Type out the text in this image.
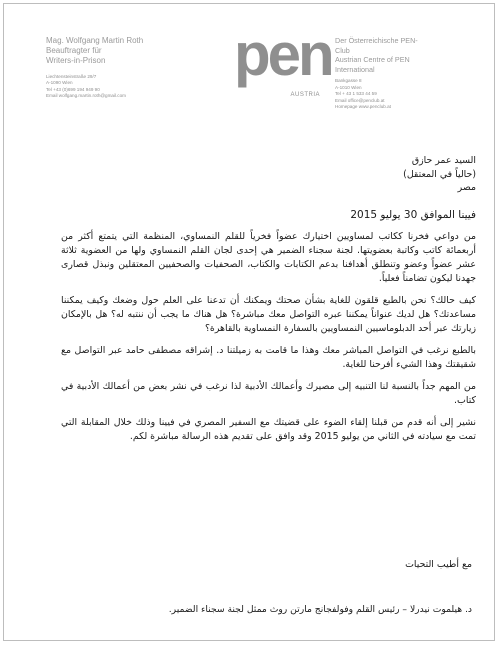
Mag. Wolfgang Martin Roth
Beauftragter für
Writers-in-Prison
Liechtensteinstraße 29/7
A-1090 Wien
Tel +43 (0)699 194 949 90
Email wolfgang.martin.roth@gmail.com
pen
AUSTRIA
Der Österreichische PEN-
Club
Austrian Centre of PEN
International
Bankgasse 8
A-1010 Wien
Tel + 43 1 533 44 59
Email office@penclub.at
Homepage www.penclub.at

السيد عمر حازق

(حالياً في المعتقل)

مصر

فيينا الموافق 30 يوليو 2015

من دواعي فخرنا ككاتب لمساويين اختيارك عضواً فخرياً للقلم النمساوي، المنظمة التي يتمتع أكثر من أربعمائة كاتب وكاتبة بعضويتها. لجنة سجناء الضمير هي إحدى لجان القلم النمساوي ولها من العضوية ثلاثة عشر عضواً وعضو وتنطلق أهدافنا بدعم الكتابات والكتاب، الصحفيات والصحفيين المعتقلين ونبذل قصارى جهدنا ليكون تضامناً فعلياً.

كيف حالك؟ نحن بالطبع قلقون للغاية بشأن صحتك ويمكنك أن تدعنا على العلم حول وضعك وكيف يمكننا مساعدتك؟ هل لديك عنواناً يمكننا عبره التواصل معك مباشرة؟ هل هناك ما يجب أن ننتبه له؟ هل بالإمكان زيارتك عبر أحد الدبلوماسيين النمساويين بالسفارة النمساوية بالقاهرة؟

بالطبع نرغب في التواصل المباشر معك وهذا ما قامت به زميلتنا د. إشراقه مصطفى حامد عبر التواصل مع شقيقتك وهذا الشيء أفرحنا للغاية.

من المهم جداً بالنسبة لنا التنبيه إلى مصيرك وأعمالك الأدبية لذا نرغب في نشر بعض من أعمالك الأدبية في كتاب.

نشير إلى أنه قدم من قبلنا إلقاء الضوء على قضيتك مع السفير المصري في فيينا وذلك خلال المقابلة التي تمت مع سيادته في الثاني من يوليو 2015 وقد وافق على تقديم هذه الرسالة مباشرة لكم.

مع أطيب التحيات
د. هيلموت نيدرلا – رئيس القلم وفولفجانج مارتن روث ممثل لجنة سجناء الضمير.
